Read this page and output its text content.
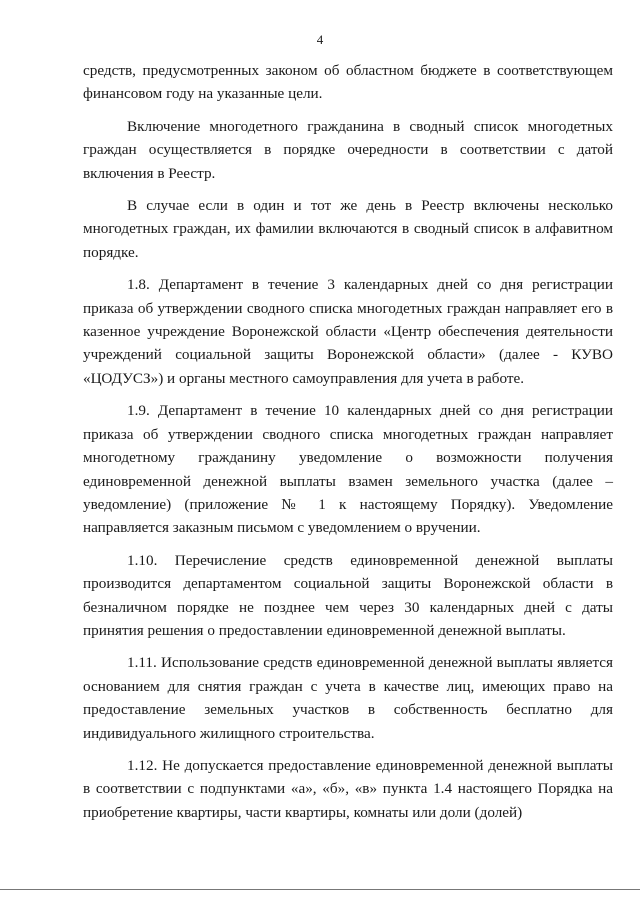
4

средств, предусмотренных законом об областном бюджете в соответствующем финансовом году на указанные цели.

Включение многодетного гражданина в сводный список многодетных граждан осуществляется в порядке очередности в соответствии с датой включения в Реестр.

В случае если в один и тот же день в Реестр включены несколько многодетных граждан, их фамилии включаются в сводный список в алфавитном порядке.

1.8. Департамент в течение 3 календарных дней со дня регистрации приказа об утверждении сводного списка многодетных граждан направляет его в казенное учреждение Воронежской области «Центр обеспечения деятельности учреждений социальной защиты Воронежской области» (далее - КУВО «ЦОДУСЗ») и органы местного самоуправления для учета в работе.

1.9. Департамент в течение 10 календарных дней со дня регистрации приказа об утверждении сводного списка многодетных граждан направляет многодетному гражданину уведомление о возможности получения единовременной денежной выплаты взамен земельного участка (далее – уведомление) (приложение № 1 к настоящему Порядку). Уведомление направляется заказным письмом с уведомлением о вручении.

1.10. Перечисление средств единовременной денежной выплаты производится департаментом социальной защиты Воронежской области в безналичном порядке не позднее чем через 30 календарных дней с даты принятия решения о предоставлении единовременной денежной выплаты.

1.11. Использование средств единовременной денежной выплаты является основанием для снятия граждан с учета в качестве лиц, имеющих право на предоставление земельных участков в собственность бесплатно для индивидуального жилищного строительства.

1.12. Не допускается предоставление единовременной денежной выплаты в соответствии с подпунктами «а», «б», «в» пункта 1.4 настоящего Порядка на приобретение квартиры, части квартиры, комнаты или доли (долей)
